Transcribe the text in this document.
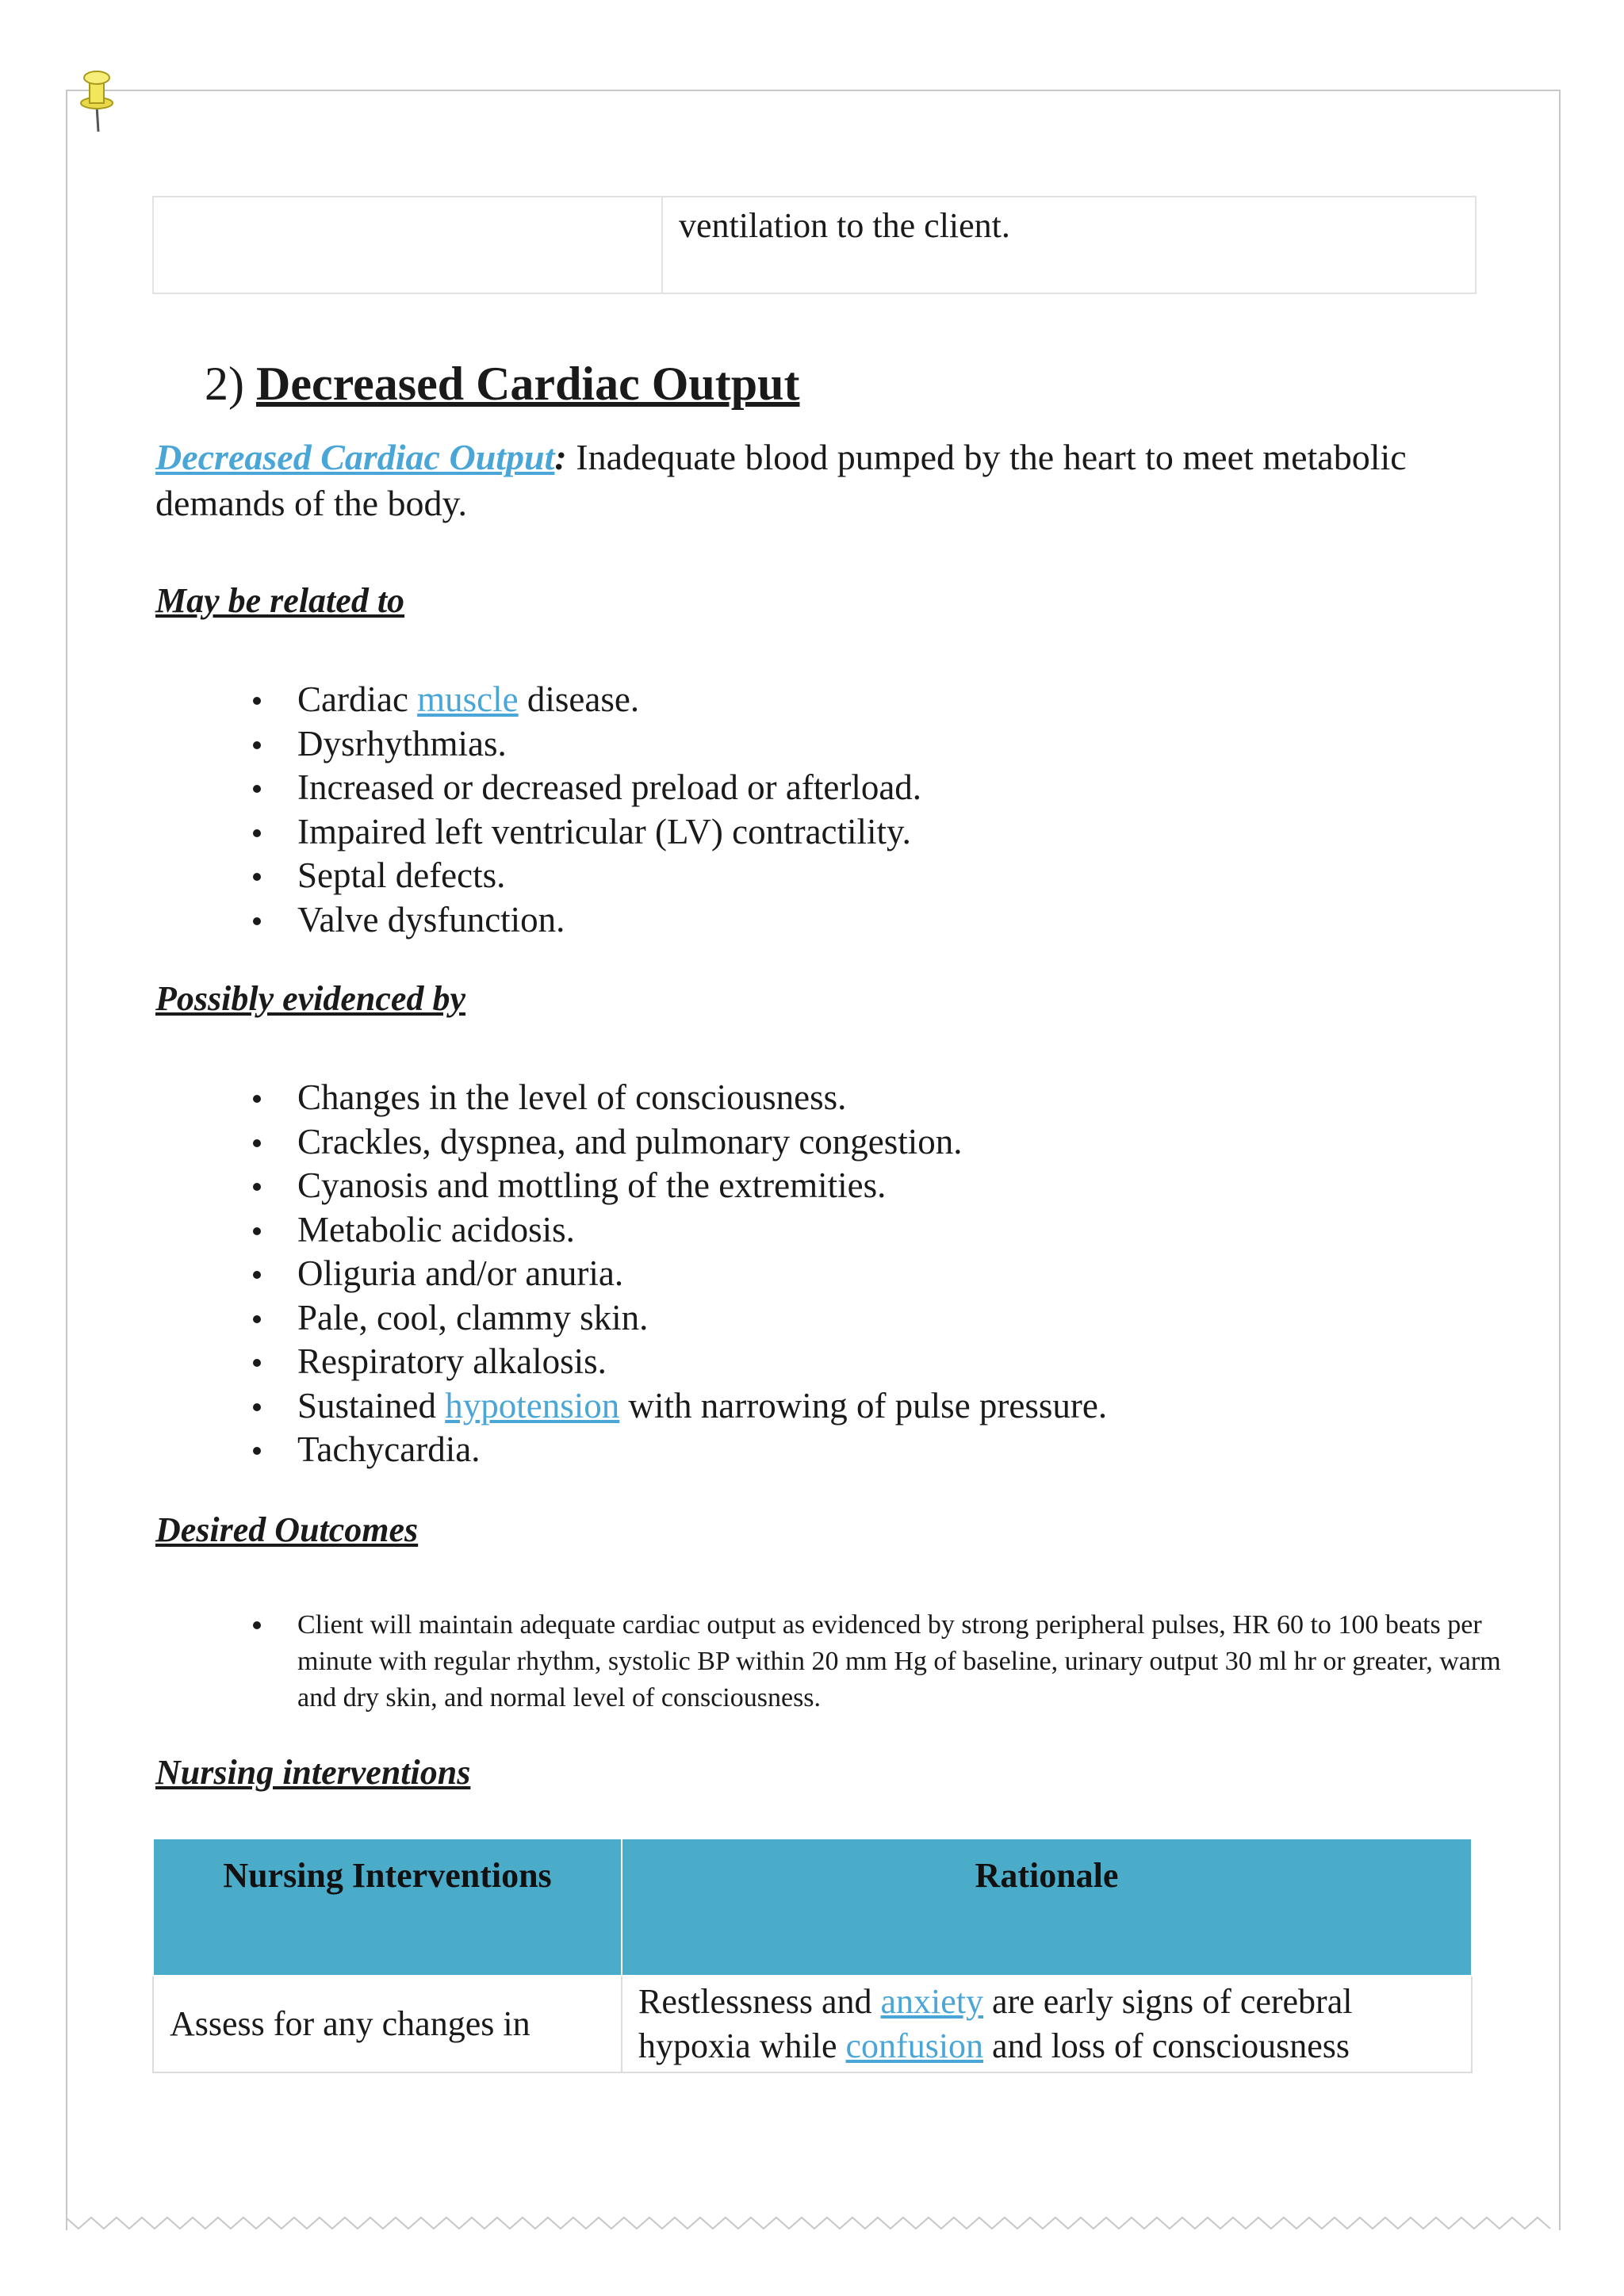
	ventilation to the client.
2) Decreased Cardiac Output

Decreased Cardiac Output: Inadequate blood pumped by the heart to meet metabolic demands of the body.

May be related to
Cardiac muscle disease.
Dysrhythmias.
Increased or decreased preload or afterload.
Impaired left ventricular (LV) contractility.
Septal defects.
Valve dysfunction.
Possibly evidenced by
Changes in the level of consciousness.
Crackles, dyspnea, and pulmonary congestion.
Cyanosis and mottling of the extremities.
Metabolic acidosis.
Oliguria and/or anuria.
Pale, cool, clammy skin.
Respiratory alkalosis.
Sustained hypotension with narrowing of pulse pressure.
Tachycardia.
Desired Outcomes
Client will maintain adequate cardiac output as evidenced by strong peripheral pulses, HR 60 to 100 beats per minute with regular rhythm, systolic BP within 20 mm Hg of baseline, urinary output 30 ml hr or greater, warm and dry skin, and normal level of consciousness.
Nursing interventions
Nursing Interventions	Rationale
Assess for any changes in	Restlessness and anxiety are early signs of cerebral hypoxia while confusion and loss of consciousness
